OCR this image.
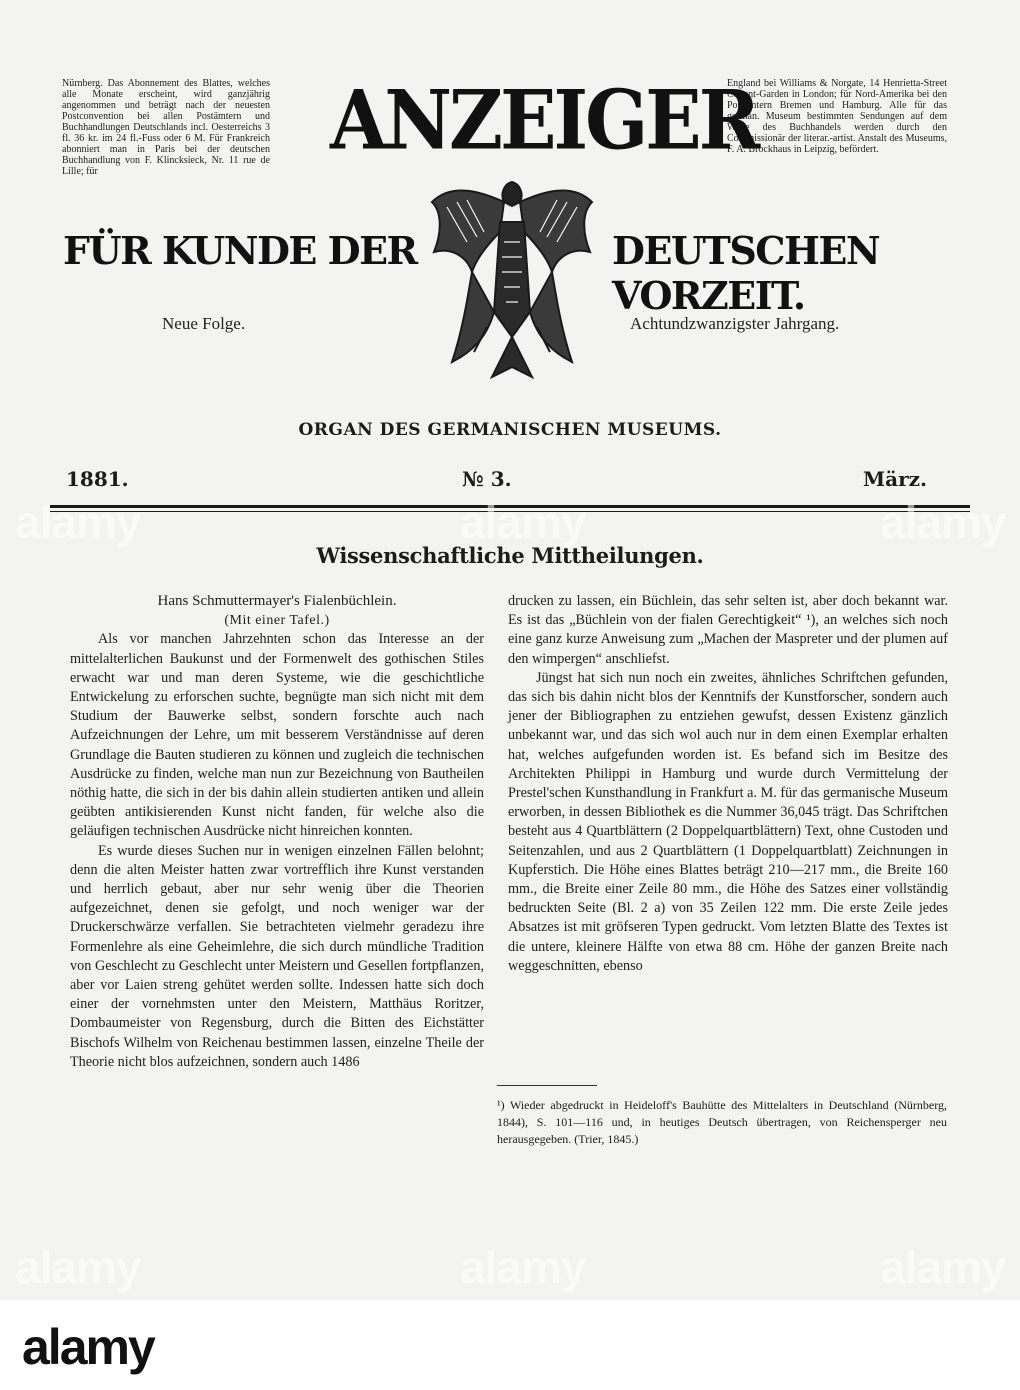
Nürnberg. Das Abonnement des Blattes, welches alle Monate erscheint, wird ganzjährig angenommen und beträgt nach der neuesten Postconvention bei allen Postämtern und Buchhandlungen Deutschlands incl. Oesterreichs 3 fl. 36 kr. im 24 fl.-Fuss oder 6 M. Für Frankreich abonniert man in Paris bei der deutschen Buchhandlung von F. Klincksieck, Nr. 11 rue de Lille; für
England bei Williams & Norgate, 14 Henrietta-Street Covent-Garden in London; für Nord-Amerika bei den Postämtern Bremen und Hamburg. Alle für das german. Museum bestimmten Sendungen auf dem Wege des Buchhandels werden durch den Commissionär der literar.-artist. Anstalt des Museums, F. A. Brockhaus in Leipzig, befördert.
ANZEIGER
FÜR KUNDE DER	DEUTSCHEN VORZEIT.
Neue Folge.	Achtundzwanzigster Jahrgang.
ORGAN DES GERMANISCHEN MUSEUMS.
1881.	№ 3.	März.
Wissenschaftliche Mittheilungen.

Hans Schmuttermayer's Fialenbüchlein.

(Mit einer Tafel.)

Als vor manchen Jahrzehnten schon das Interesse an der mittelalterlichen Baukunst und der Formenwelt des gothischen Stiles erwacht war und man deren Systeme, wie die geschichtliche Entwickelung zu erforschen suchte, begnügte man sich nicht mit dem Studium der Bauwerke selbst, sondern forschte auch nach Aufzeichnungen der Lehre, um mit besserem Verständnisse auf deren Grundlage die Bauten studieren zu können und zugleich die technischen Ausdrücke zu finden, welche man nun zur Bezeichnung von Bautheilen nöthig hatte, die sich in der bis dahin allein studierten antiken und allein geübten antikisierenden Kunst nicht fanden, für welche also die geläufigen technischen Ausdrücke nicht hinreichen konnten.

Es wurde dieses Suchen nur in wenigen einzelnen Fällen belohnt; denn die alten Meister hatten zwar vortrefflich ihre Kunst verstanden und herrlich gebaut, aber nur sehr wenig über die Theorien aufgezeichnet, denen sie gefolgt, und noch weniger war der Druckerschwärze verfallen. Sie betrachteten vielmehr geradezu ihre Formenlehre als eine Geheimlehre, die sich durch mündliche Tradition von Geschlecht zu Geschlecht unter Meistern und Gesellen fortpflanzen, aber vor Laien streng gehütet werden sollte. Indessen hatte sich doch einer der vornehmsten unter den Meistern, Matthäus Roritzer, Dombaumeister von Regensburg, durch die Bitten des Eichstätter Bischofs Wilhelm von Reichenau bestimmen lassen, einzelne Theile der Theorie nicht blos aufzeichnen, sondern auch 1486

drucken zu lassen, ein Büchlein, das sehr selten ist, aber doch bekannt war. Es ist das „Büchlein von der fialen Gerechtigkeit“ ¹), an welches sich noch eine ganz kurze Anweisung zum „Machen der Maspreter und der plumen auf den wimpergen“ anschliefst.

Jüngst hat sich nun noch ein zweites, ähnliches Schriftchen gefunden, das sich bis dahin nicht blos der Kenntnifs der Kunstforscher, sondern auch jener der Bibliographen zu entziehen gewufst, dessen Existenz gänzlich unbekannt war, und das sich wol auch nur in dem einen Exemplar erhalten hat, welches aufgefunden worden ist. Es befand sich im Besitze des Architekten Philippi in Hamburg und wurde durch Vermittelung der Prestel'schen Kunsthandlung in Frankfurt a. M. für das germanische Museum erworben, in dessen Bibliothek es die Nummer 36,045 trägt. Das Schriftchen besteht aus 4 Quartblättern (2 Doppelquartblättern) Text, ohne Custoden und Seitenzahlen, und aus 2 Quartblättern (1 Doppelquartblatt) Zeichnungen in Kupferstich. Die Höhe eines Blattes beträgt 210—217 mm., die Breite 160 mm., die Breite einer Zeile 80 mm., die Höhe des Satzes einer vollständig bedruckten Seite (Bl. 2 a) von 35 Zeilen 122 mm. Die erste Zeile jedes Absatzes ist mit gröfseren Typen gedruckt. Vom letzten Blatte des Textes ist die untere, kleinere Hälfte von etwa 88 cm. Höhe der ganzen Breite nach weggeschnitten, ebenso

¹) Wieder abgedruckt in Heideloff's Bauhütte des Mittelalters in Deutschland (Nürnberg, 1844), S. 101—116 und, in heutiges Deutsch übertragen, von Reichensperger neu herausgegeben. (Trier, 1845.)
alamy	alamy	alamy
alamy	alamy	alamy
alamy
